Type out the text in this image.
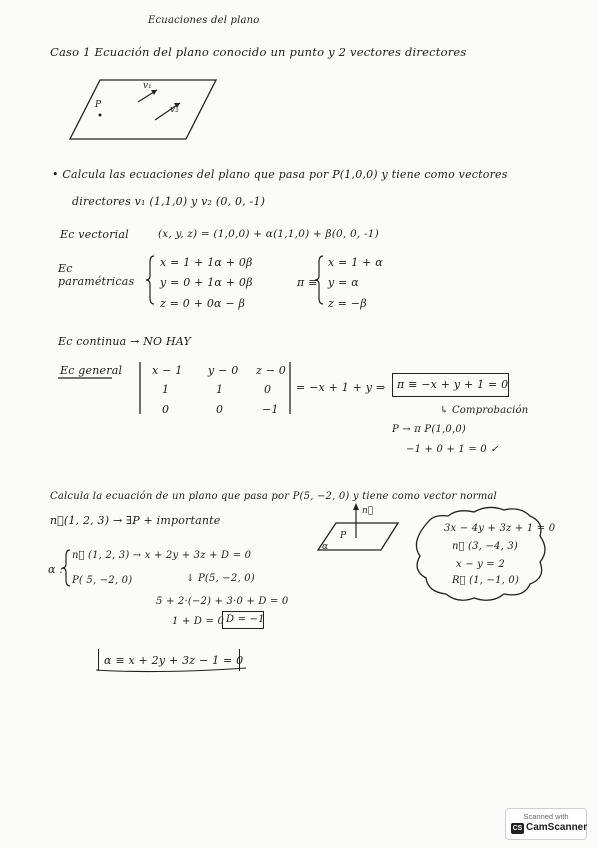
Ecuaciones del plano
Caso 1 Ecuación del plano conocido un punto y 2 vectores directores
v₁
v₂
P
• Calcula las ecuaciones del plano que pasa por P(1,0,0) y tiene como vectores
directores v₁ (1,1,0) y v₂ (0, 0, -1)
Ec vectorial	(x, y, z) = (1,0,0) + α(1,1,0) + β(0, 0, -1)
Ec paramétricas
x = 1 + 1α + 0β
y = 0 + 1α + 0β
z = 0 + 0α − β
π ≡
x = 1 + α
y = α
z = −β
Ec continua → NO HAY
Ec general	x − 1 y − 0 z − 0
1	1	0
0	0	−1
= −x + 1 + y ⇒ π ≡ −x + y + 1 = 0
↳ Comprobación
P → π P(1,0,0)
−1 + 0 + 1 = 0 ✓
Calcula la ecuación de un plano que pasa por P(5, −2, 0) y tiene como vector normal
n⃗(1, 2, 3) → ∃P + importante
n⃗
P
α
α :
n⃗ (1, 2, 3) → x + 2y + 3z + D = 0
P( 5, −2, 0)	↓ P(5, −2, 0)
5 + 2·(−2) + 3·0 + D = 0
1 + D = 0 D = −1
α ≡ x + 2y + 3z − 1 = 0
3x − 4y + 3z + 1 = 0
n⃗ (3, −4, 3)
x − y = 2
R⃗ (1, −1, 0)
Scanned with
CS CamScanner
